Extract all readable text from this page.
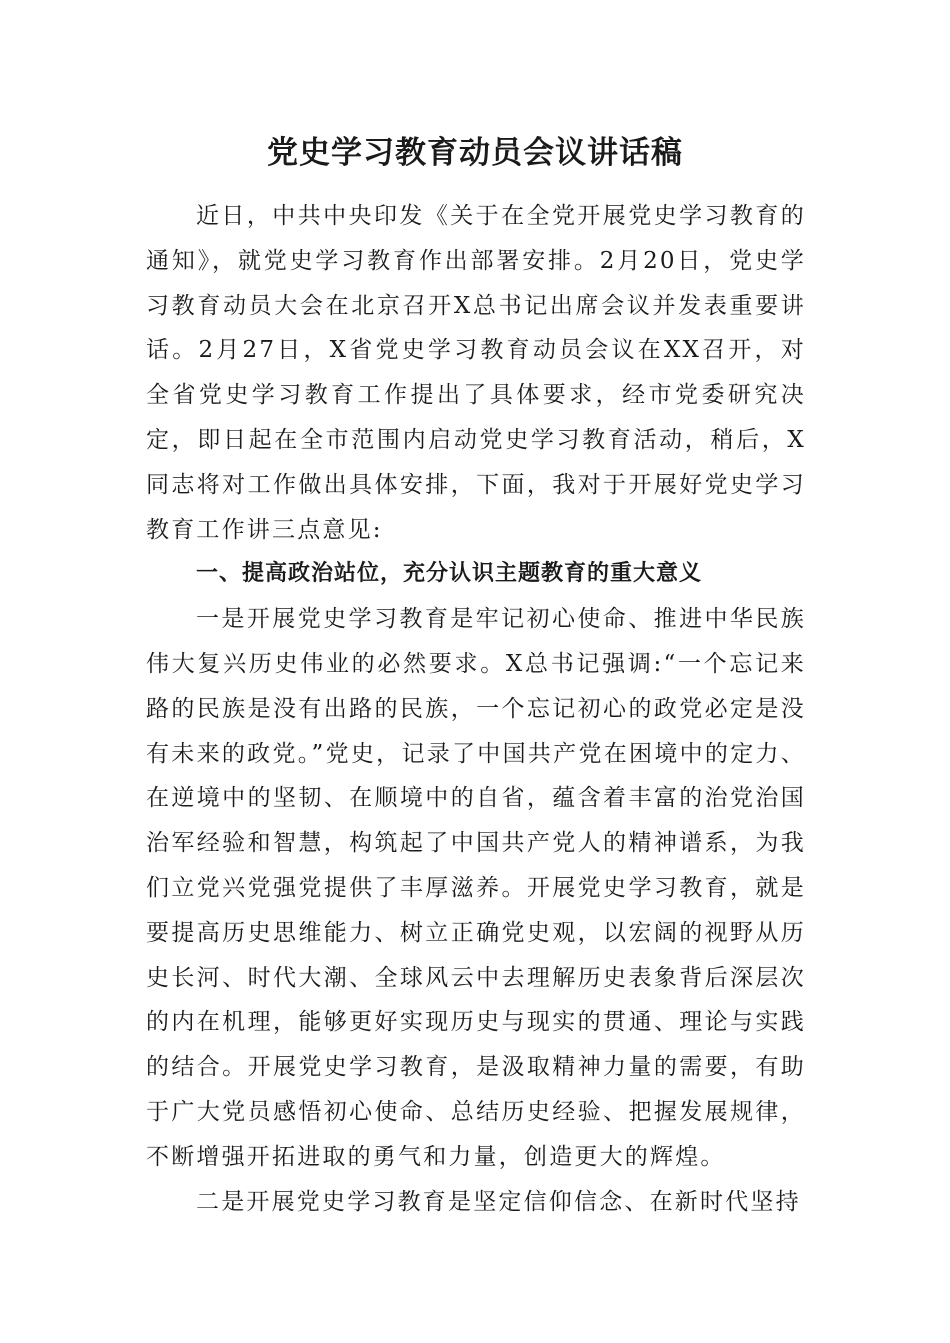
党史学习教育动员会议讲话稿

近日，中共中央印发《关于在全党开展党史学习教育的通知》，就党史学习教育作出部署安排。2月20日，党史学习教育动员大会在北京召开X总书记出席会议并发表重要讲话。2月27日，X省党史学习教育动员会议在XX召开，对全省党史学习教育工作提出了具体要求，经市党委研究决定，即日起在全市范围内启动党史学习教育活动，稍后，X同志将对工作做出具体安排，下面，我对于开展好党史学习教育工作讲三点意见:

一、提高政治站位，充分认识主题教育的重大意义

一是开展党史学习教育是牢记初心使命、推进中华民族伟大复兴历史伟业的必然要求。X总书记强调:“一个忘记来路的民族是没有出路的民族，一个忘记初心的政党必定是没有未来的政党。”党史，记录了中国共产党在困境中的定力、在逆境中的坚韧、在顺境中的自省，蕴含着丰富的治党治国治军经验和智慧，构筑起了中国共产党人的精神谱系，为我们立党兴党强党提供了丰厚滋养。开展党史学习教育，就是要提高历史思维能力、树立正确党史观，以宏阔的视野从历史长河、时代大潮、全球风云中去理解历史表象背后深层次的内在机理，能够更好实现历史与现实的贯通、理论与实践的结合。开展党史学习教育，是汲取精神力量的需要，有助于广大党员感悟初心使命、总结历史经验、把握发展规律，不断增强开拓进取的勇气和力量，创造更大的辉煌。

二是开展党史学习教育是坚定信仰信念、在新时代坚持
